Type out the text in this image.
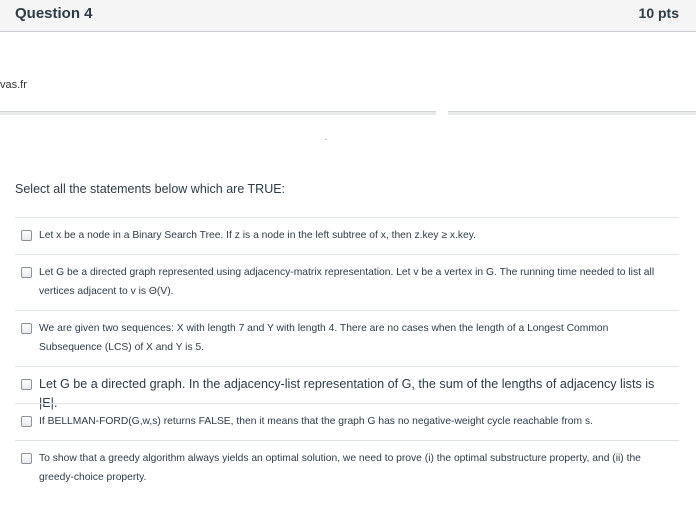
Question 4	10 pts
vas.fr
Select all the statements below which are TRUE:
Let x be a node in a Binary Search Tree. If z is a node in the left subtree of x, then z.key ≥ x.key.
Let G be a directed graph represented using adjacency-matrix representation. Let v be a vertex in G. The running time needed to list all vertices adjacent to v is Θ(V).
We are given two sequences: X with length 7 and Y with length 4. There are no cases when the length of a Longest Common Subsequence (LCS) of X and Y is 5.
Let G be a directed graph. In the adjacency-list representation of G, the sum of the lengths of adjacency lists is |E|.
If BELLMAN-FORD(G,w,s) returns FALSE, then it means that the graph G has no negative-weight cycle reachable from s.
To show that a greedy algorithm always yields an optimal solution, we need to prove (i) the optimal substructure property, and (ii) the greedy-choice property.
